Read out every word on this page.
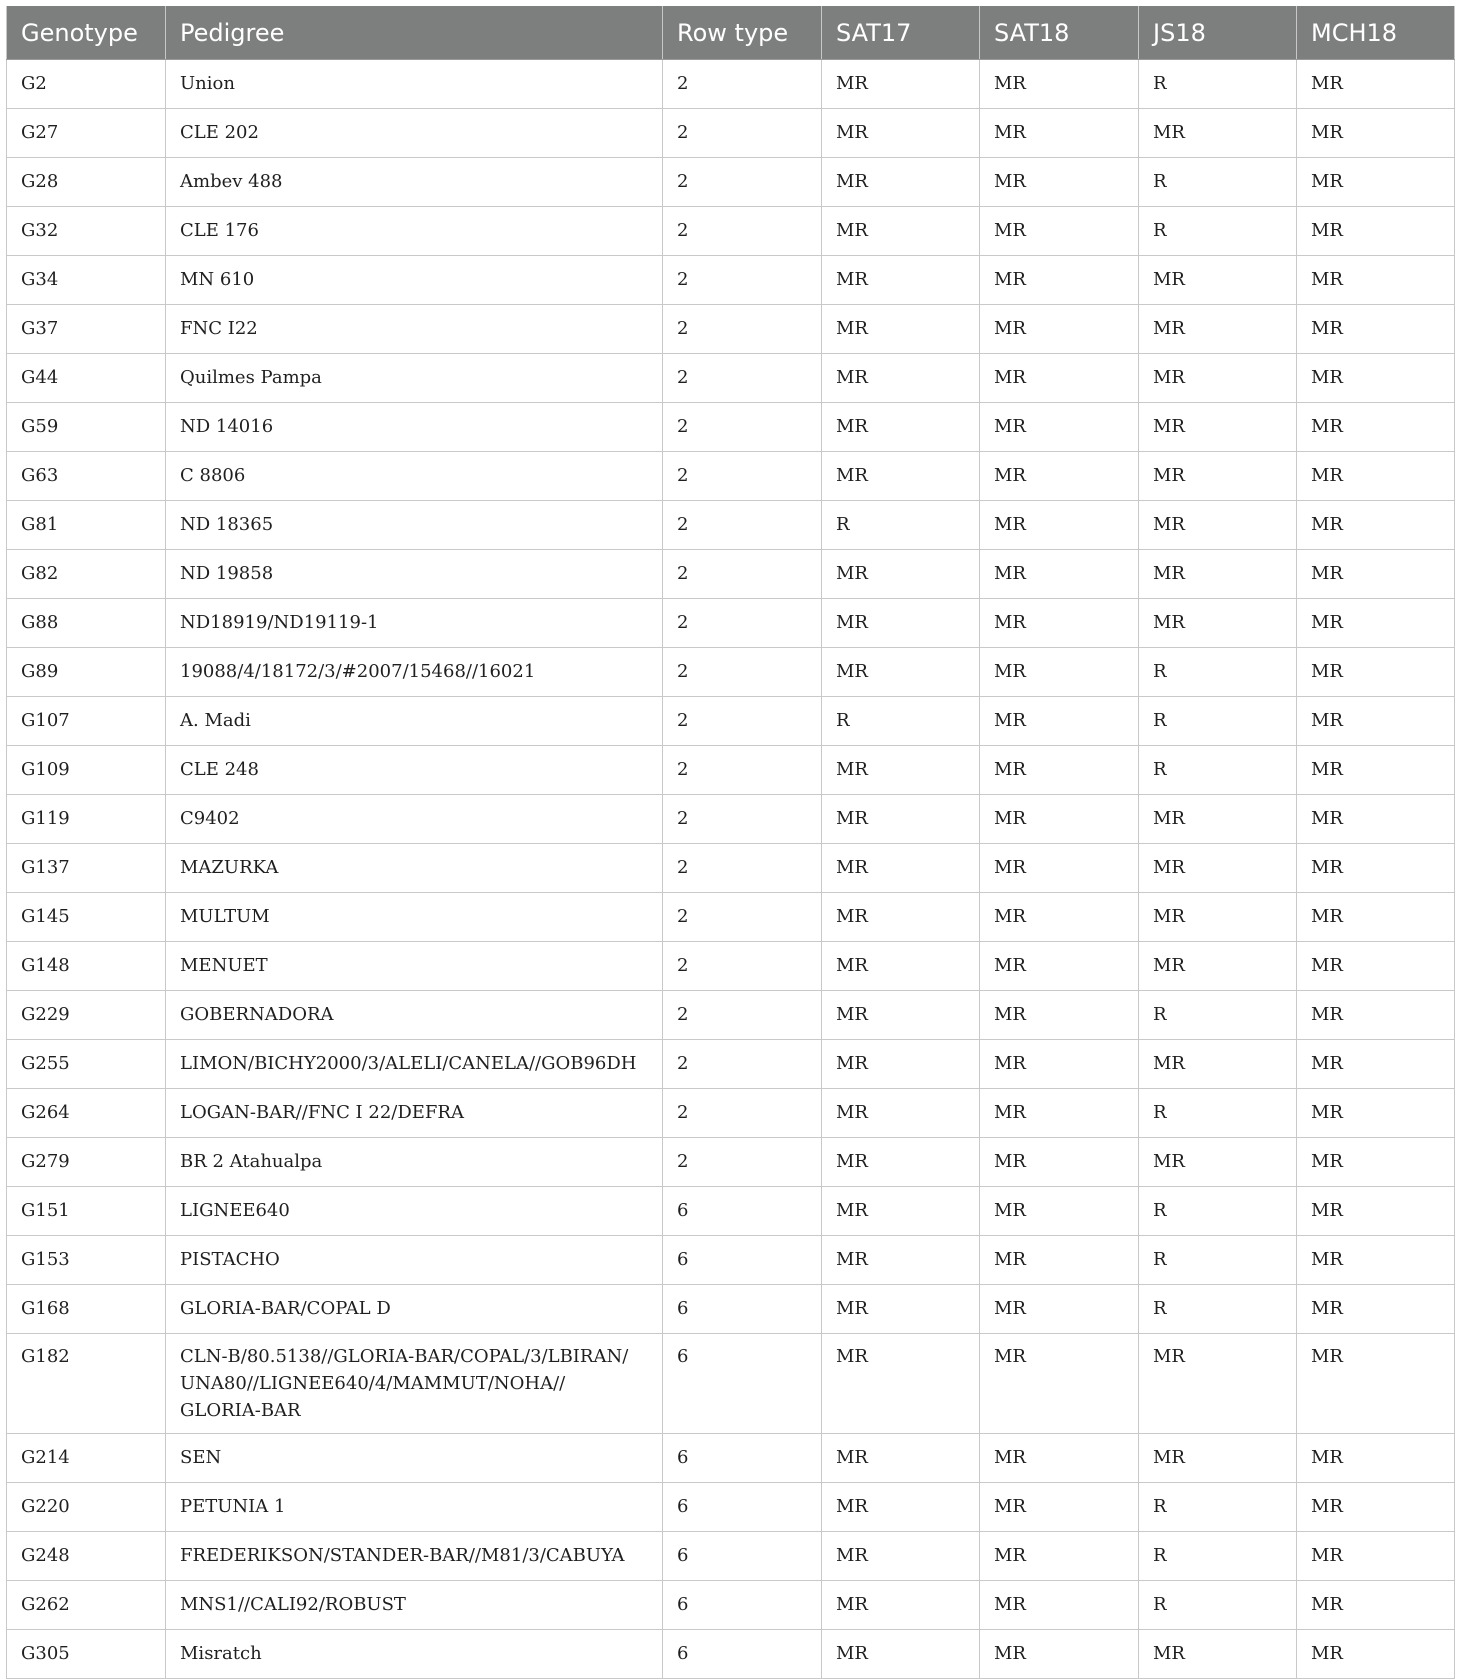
Genotype	Pedigree	Row type	SAT17	SAT18	JS18	MCH18
G2	Union	2	MR	MR	R	MR
G27	CLE 202	2	MR	MR	MR	MR
G28	Ambev 488	2	MR	MR	R	MR
G32	CLE 176	2	MR	MR	R	MR
G34	MN 610	2	MR	MR	MR	MR
G37	FNC I22	2	MR	MR	MR	MR
G44	Quilmes Pampa	2	MR	MR	MR	MR
G59	ND 14016	2	MR	MR	MR	MR
G63	C 8806	2	MR	MR	MR	MR
G81	ND 18365	2	R	MR	MR	MR
G82	ND 19858	2	MR	MR	MR	MR
G88	ND18919/ND19119-1	2	MR	MR	MR	MR
G89	19088/4/18172/3/#2007/15468//16021	2	MR	MR	R	MR
G107	A. Madi	2	R	MR	R	MR
G109	CLE 248	2	MR	MR	R	MR
G119	C9402	2	MR	MR	MR	MR
G137	MAZURKA	2	MR	MR	MR	MR
G145	MULTUM	2	MR	MR	MR	MR
G148	MENUET	2	MR	MR	MR	MR
G229	GOBERNADORA	2	MR	MR	R	MR
G255	LIMON/BICHY2000/3/ALELI/CANELA//GOB96DH	2	MR	MR	MR	MR
G264	LOGAN-BAR//FNC I 22/DEFRA	2	MR	MR	R	MR
G279	BR 2 Atahualpa	2	MR	MR	MR	MR
G151	LIGNEE640	6	MR	MR	R	MR
G153	PISTACHO	6	MR	MR	R	MR
G168	GLORIA-BAR/COPAL D	6	MR	MR	R	MR
G182	CLN-B/80.5138//GLORIA-BAR/COPAL/3/LBIRAN/
UNA80//LIGNEE640/4/MAMMUT/NOHA//
GLORIA-BAR	6	MR	MR	MR	MR
G214	SEN	6	MR	MR	MR	MR
G220	PETUNIA 1	6	MR	MR	R	MR
G248	FREDERIKSON/STANDER-BAR//M81/3/CABUYA	6	MR	MR	R	MR
G262	MNS1//CALI92/ROBUST	6	MR	MR	R	MR
G305	Misratch	6	MR	MR	MR	MR
